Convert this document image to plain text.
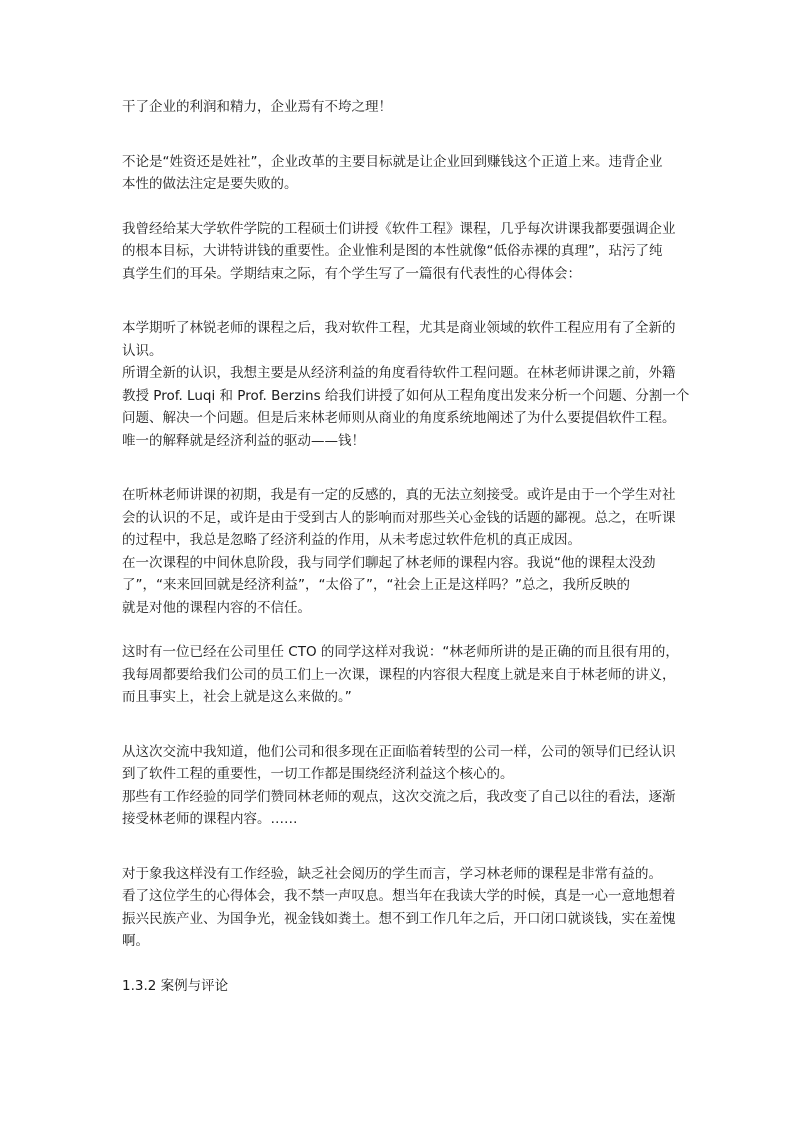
干了企业的利润和精力，企业焉有不垮之理！

不论是“姓资还是姓社”，企业改革的主要目标就是让企业回到赚钱这个正道上来。违背企业
本性的做法注定是要失败的。

我曾经给某大学软件学院的工程硕士们讲授《软件工程》课程，几乎每次讲课我都要强调企业
的根本目标，大讲特讲钱的重要性。企业惟利是图的本性就像“低俗赤裸的真理”，玷污了纯
真学生们的耳朵。学期结束之际，有个学生写了一篇很有代表性的心得体会：

本学期听了林锐老师的课程之后，我对软件工程，尤其是商业领域的软件工程应用有了全新的
认识。
所谓全新的认识，我想主要是从经济利益的角度看待软件工程问题。在林老师讲课之前，外籍
教授 Prof. Luqi 和 Prof. Berzins 给我们讲授了如何从工程角度出发来分析一个问题、分割一个
问题、解决一个问题。但是后来林老师则从商业的角度系统地阐述了为什么要提倡软件工程。
唯一的解释就是经济利益的驱动——钱！

在听林老师讲课的初期，我是有一定的反感的，真的无法立刻接受。或许是由于一个学生对社
会的认识的不足，或许是由于受到古人的影响而对那些关心金钱的话题的鄙视。总之，在听课
的过程中，我总是忽略了经济利益的作用，从未考虑过软件危机的真正成因。
在一次课程的中间休息阶段，我与同学们聊起了林老师的课程内容。我说“他的课程太没劲
了”，“来来回回就是经济利益”，“太俗了”，“社会上正是这样吗？”总之，我所反映的
就是对他的课程内容的不信任。

这时有一位已经在公司里任 CTO 的同学这样对我说：“林老师所讲的是正确的而且很有用的，
我每周都要给我们公司的员工们上一次课，课程的内容很大程度上就是来自于林老师的讲义，
而且事实上，社会上就是这么来做的。”

从这次交流中我知道，他们公司和很多现在正面临着转型的公司一样，公司的领导们已经认识
到了软件工程的重要性，一切工作都是围绕经济利益这个核心的。
那些有工作经验的同学们赞同林老师的观点，这次交流之后，我改变了自己以往的看法，逐渐
接受林老师的课程内容。……

对于象我这样没有工作经验，缺乏社会阅历的学生而言，学习林老师的课程是非常有益的。
看了这位学生的心得体会，我不禁一声叹息。想当年在我读大学的时候，真是一心一意地想着
振兴民族产业、为国争光，视金钱如粪土。想不到工作几年之后，开口闭口就谈钱，实在羞愧
啊。

1.3.2 案例与评论
